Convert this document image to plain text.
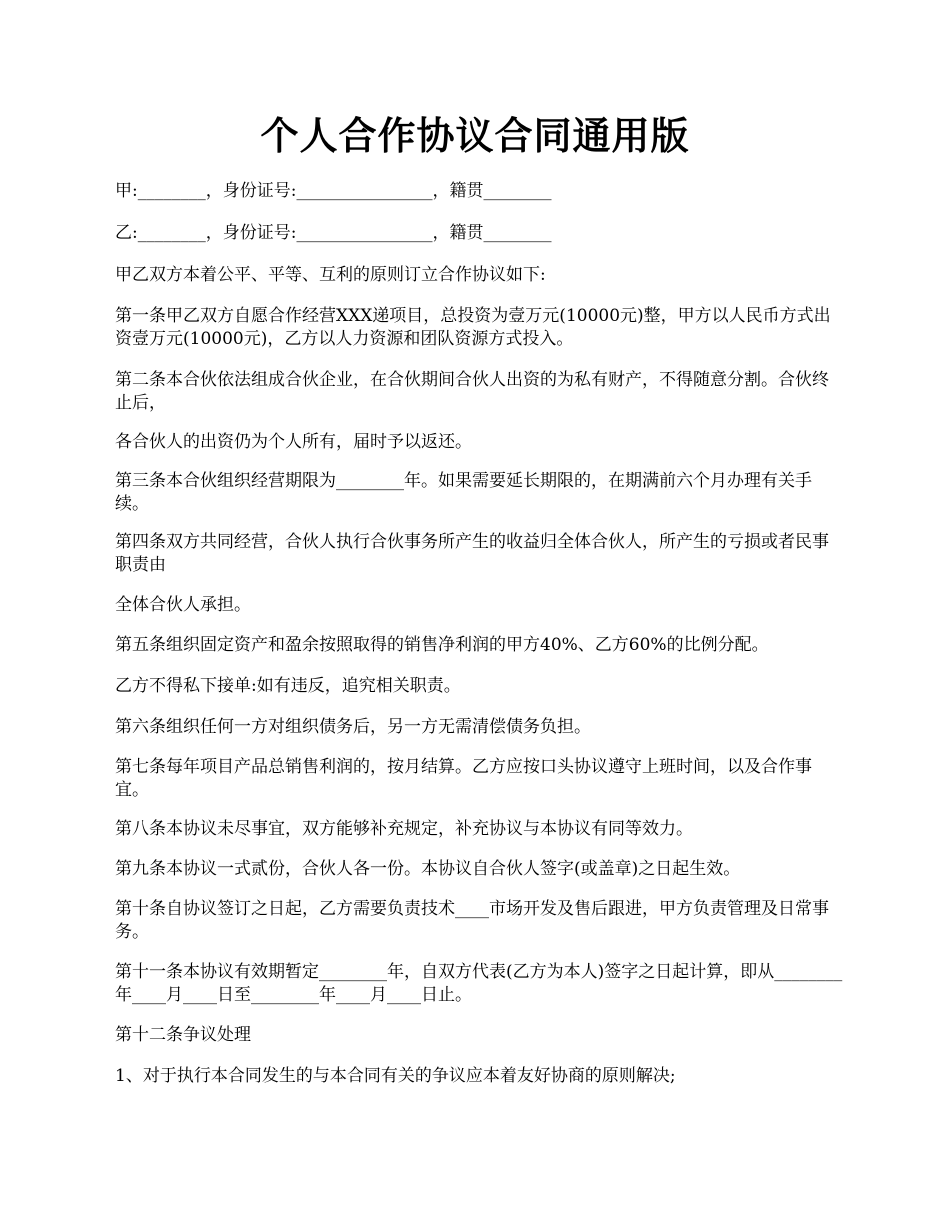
个人合作协议合同通用版

甲:________，身份证号:________________，籍贯________

乙:________，身份证号:________________，籍贯________

甲乙双方本着公平、平等、互利的原则订立合作协议如下:

第一条甲乙双方自愿合作经营XXX递项目，总投资为壹万元(10000元)整，甲方以人民币方式出资壹万元(10000元)，乙方以人力资源和团队资源方式投入。

第二条本合伙依法组成合伙企业，在合伙期间合伙人出资的为私有财产，不得随意分割。合伙终止后，

各合伙人的出资仍为个人所有，届时予以返还。

第三条本合伙组织经营期限为________年。如果需要延长期限的，在期满前六个月办理有关手续。

第四条双方共同经营，合伙人执行合伙事务所产生的收益归全体合伙人，所产生的亏损或者民事职责由

全体合伙人承担。

第五条组织固定资产和盈余按照取得的销售净利润的甲方40%、乙方60%的比例分配。

乙方不得私下接单:如有违反，追究相关职责。

第六条组织任何一方对组织债务后，另一方无需清偿债务负担。

第七条每年项目产品总销售利润的，按月结算。乙方应按口头协议遵守上班时间，以及合作事宜。

第八条本协议未尽事宜，双方能够补充规定，补充协议与本协议有同等效力。

第九条本协议一式贰份，合伙人各一份。本协议自合伙人签字(或盖章)之日起生效。

第十条自协议签订之日起，乙方需要负责技术____市场开发及售后跟进，甲方负责管理及日常事务。

第十一条本协议有效期暂定________年，自双方代表(乙方为本人)签字之日起计算，即从________年____月____日至________年____月____日止。

第十二条争议处理

1、对于执行本合同发生的与本合同有关的争议应本着友好协商的原则解决;
